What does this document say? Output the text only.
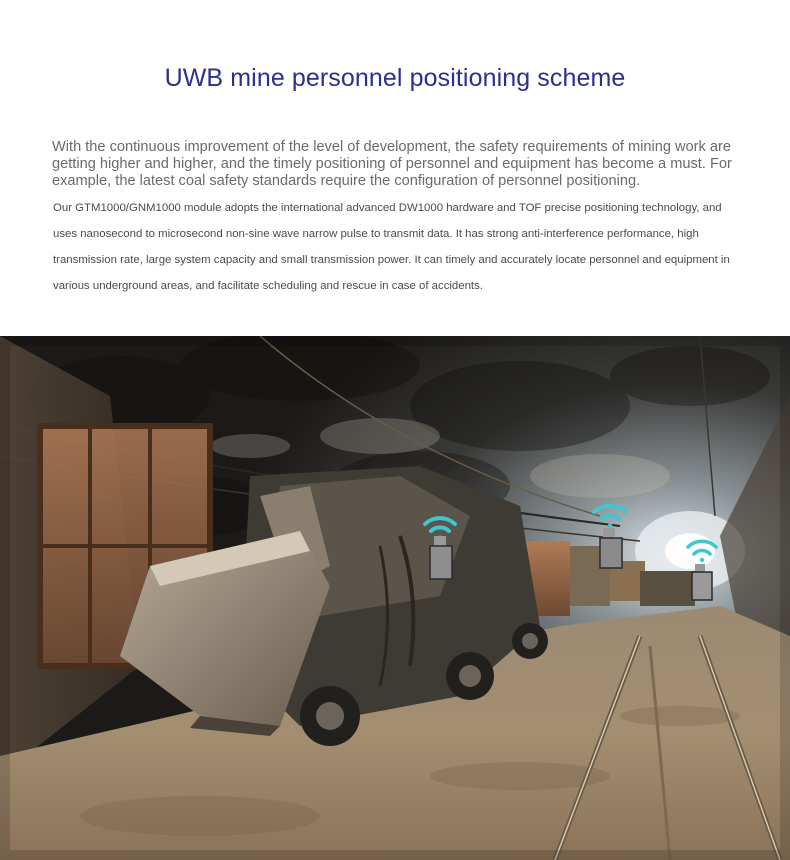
UWB mine personnel positioning scheme

With the continuous improvement of the level of development, the safety requirements of mining work are getting higher and higher, and the timely positioning of personnel and equipment has become a must. For example, the latest coal safety standards require the configuration of personnel positioning.

Our GTM1000/GNM1000 module adopts the international advanced DW1000 hardware and TOF precise positioning technology, and uses nanosecond to microsecond non-sine wave narrow pulse to transmit data. It has strong anti-interference performance, high transmission rate, large system capacity and small transmission power. It can timely and accurately locate personnel and equipment in various underground areas, and facilitate scheduling and rescue in case of accidents.
